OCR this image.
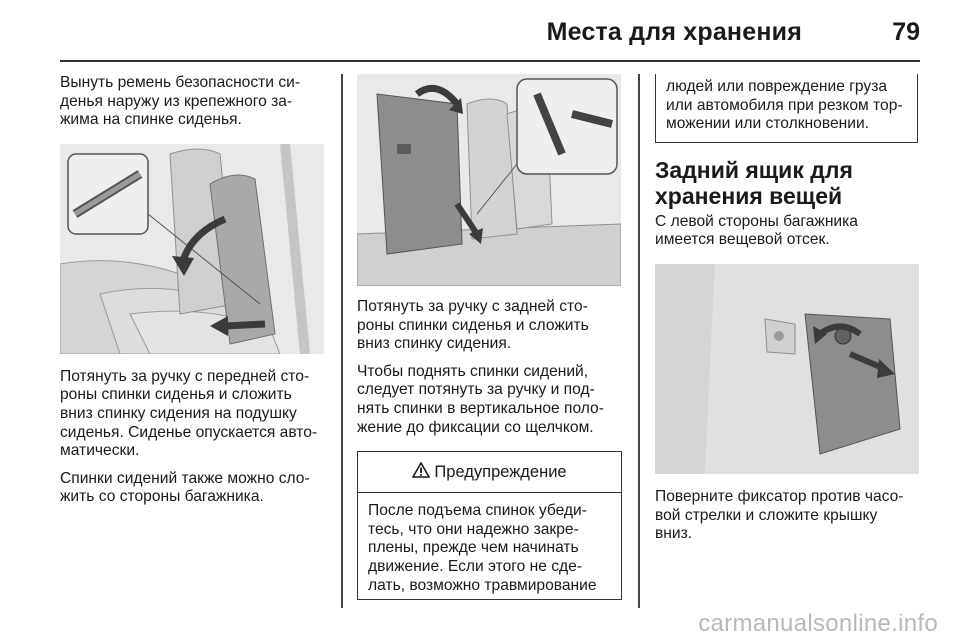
Места для хранения	79

Вынуть ремень безопасности си-
денья наружу из крепежного за-
жима на спинке сиденья.

Потянуть за ручку с передней сто-
роны спинки сиденья и сложить
вниз спинку сидения на подушку
сиденья. Сиденье опускается авто-
матически.

Спинки сидений также можно сло-
жить со стороны багажника.

Потянуть за ручку с задней сто-
роны спинки сиденья и сложить
вниз спинку сидения.

Чтобы поднять спинки сидений,
следует потянуть за ручку и под-
нять спинки в вертикальное поло-
жение до фиксации со щелчком.

Предупреждение

После подъема спинок убеди-
тесь, что они надежно закре-
плены, прежде чем начинать
движение. Если этого не сде-
лать, возможно травмирование

людей или повреждение груза
или автомобиля при резком тор-
можении или столкновении.

Задний ящик для
хранения вещей

С левой стороны багажника
имеется вещевой отсек.

Поверните фиксатор против часо-
вой стрелки и сложите крышку
вниз.

carmanualsonline.info
